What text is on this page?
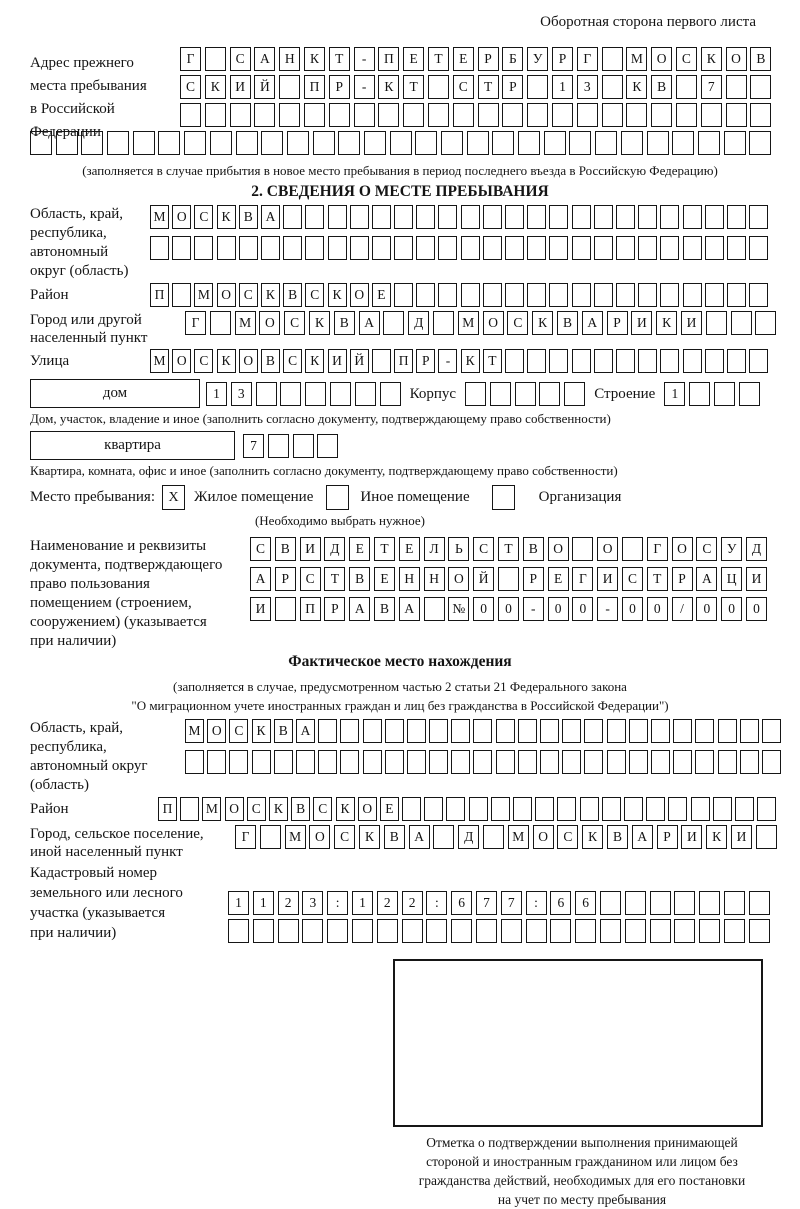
Оборотная сторона первого листа
Адрес прежнего
места пребывания
в Российской
Федерации
Г	С	А	Н	К	Т	-	П	Е	Т	Е	Р	Б	У	Р	Г	М	О	С	К	О	В
С	К	И	Й	П	Р	-	К	Т	С	Т	Р	1	3	К	В	7
(заполняется в случае прибытия в новое место пребывания в период последнего въезда в Российскую Федерацию)
2. СВЕДЕНИЯ О МЕСТЕ ПРЕБЫВАНИЯ
Область, край,
республика,
автономный
округ (область)
М О С К В А
Район	П	М О С К В С К О Е
Город или другой
населенный пункт
Г	М	О	С	К	В	А	Д	М	О	С	К	В	А	Р	И	К	И
Улица	М О С К О В С К И Й	П	Р	-	К	Т
дом	1	3	Корпус	Строение	1
Дом, участок, владение и иное (заполнить согласно документу, подтверждающему право собственности)
квартира	7
Квартира, комната, офис и иное (заполнить согласно документу, подтверждающему право собственности)
Место пребывания: X	Жилое помещение	Иное помещение	Организация
(Необходимо выбрать нужное)
Наименование и реквизиты
документа, подтверждающего
право пользования
помещением (строением,
сооружением) (указывается
при наличии)
С	В	И	Д	Е	Т	Е	Л	Ь	С	Т	В	О	О	Г	О	С	У	Д
А	Р	С	Т	В	Е	Н	Н	О	Й	Р	Е	Г	И	С	Т	Р	А	Ц	И
И	П	Р	А	В	А	№	0	0	-	0	0	-	0	0	/	0	0	0
Фактическое место нахождения
(заполняется в случае, предусмотренном частью 2 статьи 21 Федерального закона
"О миграционном учете иностранных граждан и лиц без гражданства в Российской Федерации")
Область, край,
республика,
автономный округ
(область)
М О С К В А
Район	П	М О С К В С К О Е
Город, сельское поселение,
иной населенный пункт
Г	М	О	С	К	В	А	Д	М	О	С	К	В	А	Р	И	К	И
Кадастровый номер
земельного или лесного
участка (указывается
при наличии)
1	1	2	3	:	1	2	2	:	6	7	7	:	6	6
Отметка о подтверждении выполнения принимающей
стороной и иностранным гражданином или лицом без
гражданства действий, необходимых для его постановки
на учет по месту пребывания
